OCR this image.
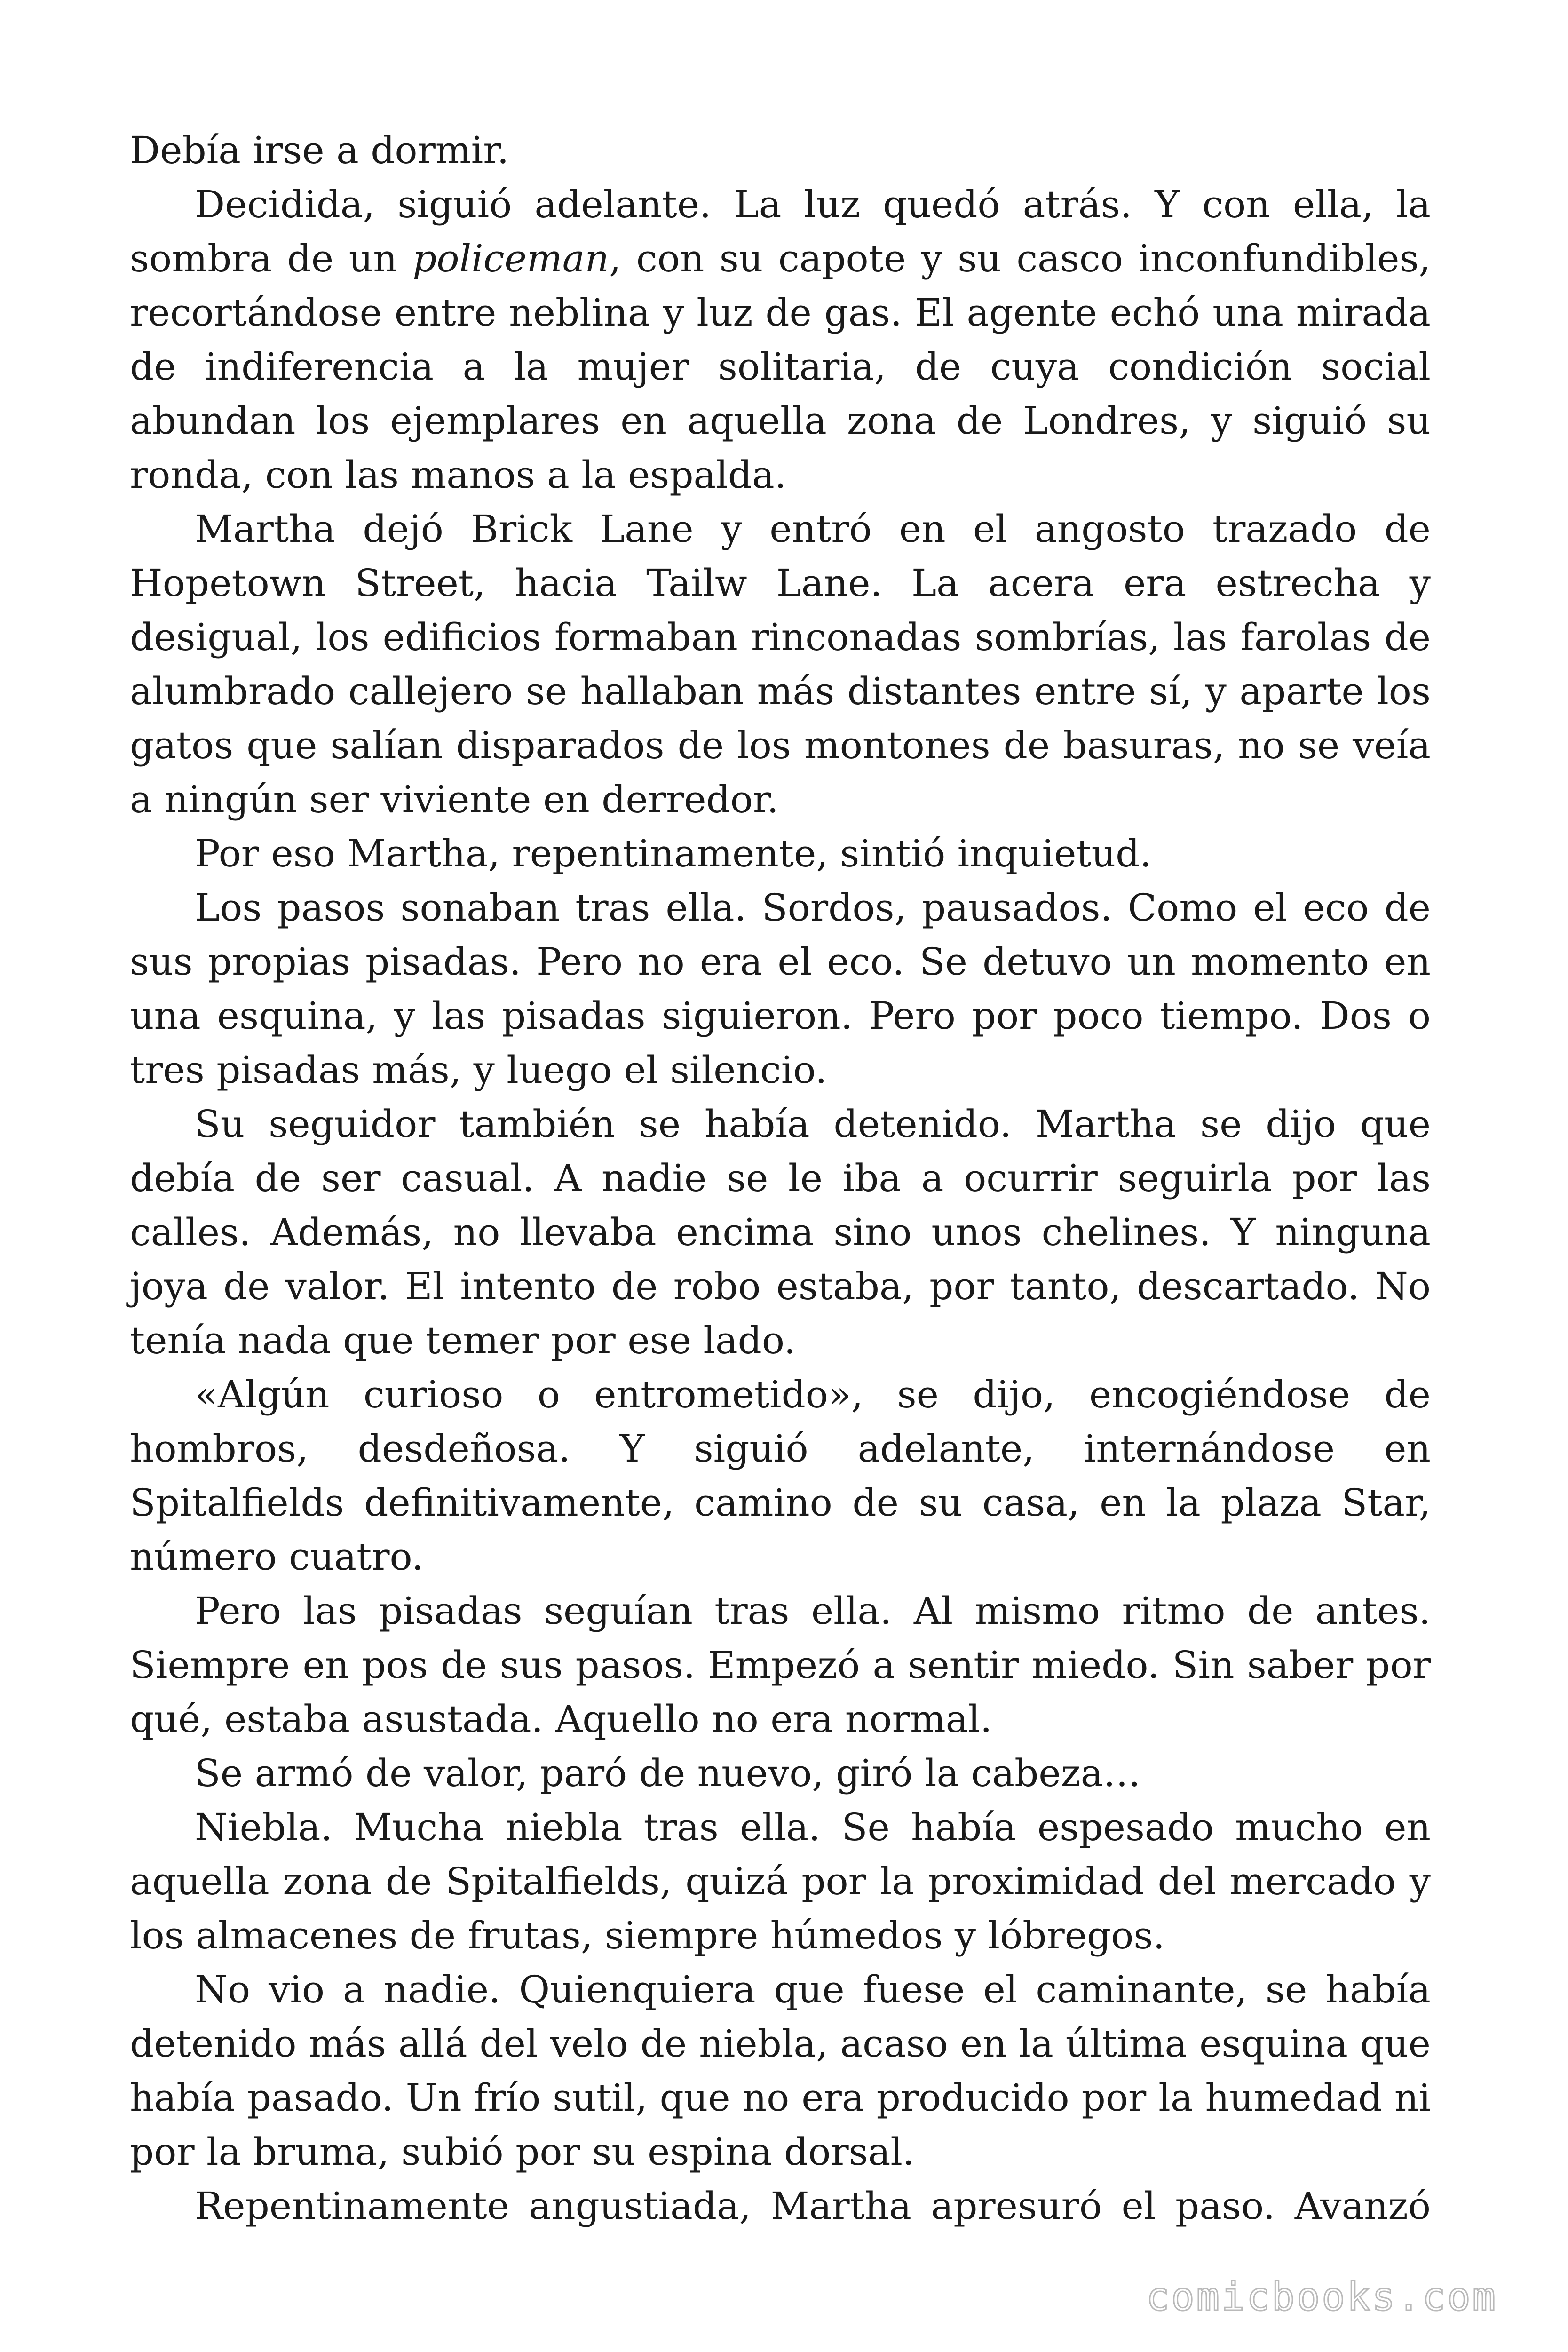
Debía irse a dormir.

Decidida, siguió adelante. La luz quedó atrás. Y con ella, la sombra de un policeman, con su capote y su casco inconfundibles, recortándose entre neblina y luz de gas. El agente echó una mirada de indiferencia a la mujer solitaria, de cuya condición social abundan los ejemplares en aquella zona de Londres, y siguió su ronda, con las manos a la espalda.

Martha dejó Brick Lane y entró en el angosto trazado de Hopetown Street, hacia Tailw Lane. La acera era estrecha y desigual, los edificios formaban rinconadas sombrías, las farolas de alumbrado callejero se hallaban más distantes entre sí, y aparte los gatos que salían disparados de los montones de basuras, no se veía a ningún ser viviente en derredor.

Por eso Martha, repentinamente, sintió inquietud.

Los pasos sonaban tras ella. Sordos, pausados. Como el eco de sus propias pisadas. Pero no era el eco. Se detuvo un momento en una esquina, y las pisadas siguieron. Pero por poco tiempo. Dos o tres pisadas más, y luego el silencio.

Su seguidor también se había detenido. Martha se dijo que debía de ser casual. A nadie se le iba a ocurrir seguirla por las calles. Además, no llevaba encima sino unos chelines. Y ninguna joya de valor. El intento de robo estaba, por tanto, descartado. No tenía nada que temer por ese lado.

«Algún curioso o entrometido», se dijo, encogiéndose de hombros, desdeñosa. Y siguió adelante, internándose en Spitalfields definitivamente, camino de su casa, en la plaza Star, número cuatro.

Pero las pisadas seguían tras ella. Al mismo ritmo de antes. Siempre en pos de sus pasos. Empezó a sentir miedo. Sin saber por qué, estaba asustada. Aquello no era normal.

Se armó de valor, paró de nuevo, giró la cabeza…

Niebla. Mucha niebla tras ella. Se había espesado mucho en aquella zona de Spitalfields, quizá por la proximidad del mercado y los almacenes de frutas, siempre húmedos y lóbregos.

No vio a nadie. Quienquiera que fuese el caminante, se había detenido más allá del velo de niebla, acaso en la última esquina que había pasado. Un frío sutil, que no era producido por la humedad ni por la bruma, subió por su espina dorsal.

Repentinamente angustiada, Martha apresuró el paso. Avanzó

comicbooks.com
